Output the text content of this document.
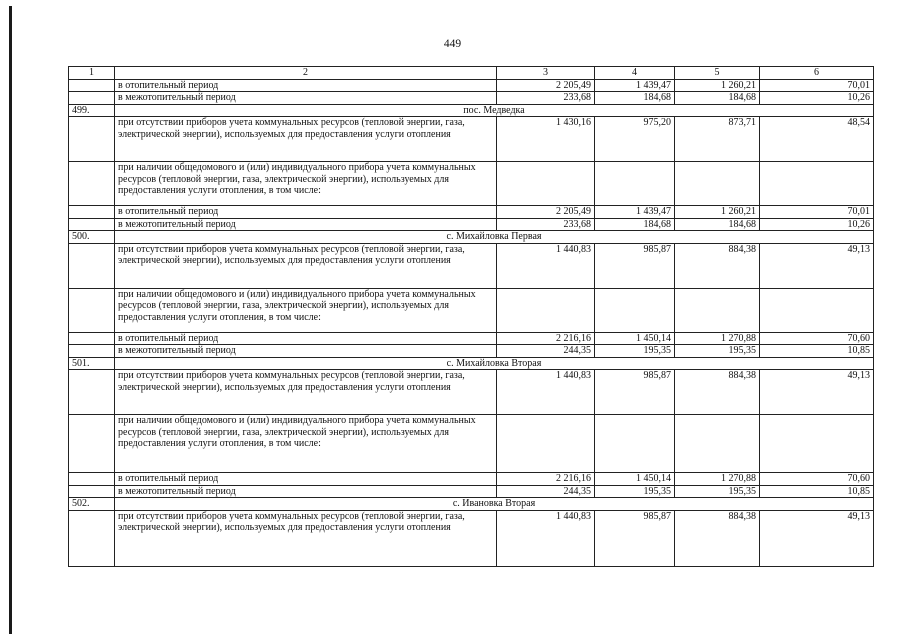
449
1	2	3	4	5	6
	в отопительный период	2 205,49	1 439,47	1 260,21	70,01
	в межотопительный период	233,68	184,68	184,68	10,26
499.	пос. Медведка				
	при отсутствии приборов учета коммунальных ресурсов (тепловой энергии, газа, электрической энергии), используемых для предоставления услуги отопления	1 430,16	975,20	873,71	48,54
	при наличии общедомового и (или) индивидуального прибора учета коммунальных ресурсов (тепловой энергии, газа, электрической энергии), используемых для предоставления услуги отопления, в том числе:				
	в отопительный период	2 205,49	1 439,47	1 260,21	70,01
	в межотопительный период	233,68	184,68	184,68	10,26
500.	с. Михайловка Первая				
	при отсутствии приборов учета коммунальных ресурсов (тепловой энергии, газа, электрической энергии), используемых для предоставления услуги отопления	1 440,83	985,87	884,38	49,13
	при наличии общедомового и (или) индивидуального прибора учета коммунальных ресурсов (тепловой энергии, газа, электрической энергии), используемых для предоставления услуги отопления, в том числе:				
	в отопительный период	2 216,16	1 450,14	1 270,88	70,60
	в межотопительный период	244,35	195,35	195,35	10,85
501.	с. Михайловка Вторая				
	при отсутствии приборов учета коммунальных ресурсов (тепловой энергии, газа, электрической энергии), используемых для предоставления услуги отопления	1 440,83	985,87	884,38	49,13
	при наличии общедомового и (или) индивидуального прибора учета коммунальных ресурсов (тепловой энергии, газа, электрической энергии), используемых для предоставления услуги отопления, в том числе:				
	в отопительный период	2 216,16	1 450,14	1 270,88	70,60
	в межотопительный период	244,35	195,35	195,35	10,85
502.	с. Ивановка Вторая				
	при отсутствии приборов учета коммунальных ресурсов (тепловой энергии, газа, электрической энергии), используемых для предоставления услуги отопления	1 440,83	985,87	884,38	49,13
